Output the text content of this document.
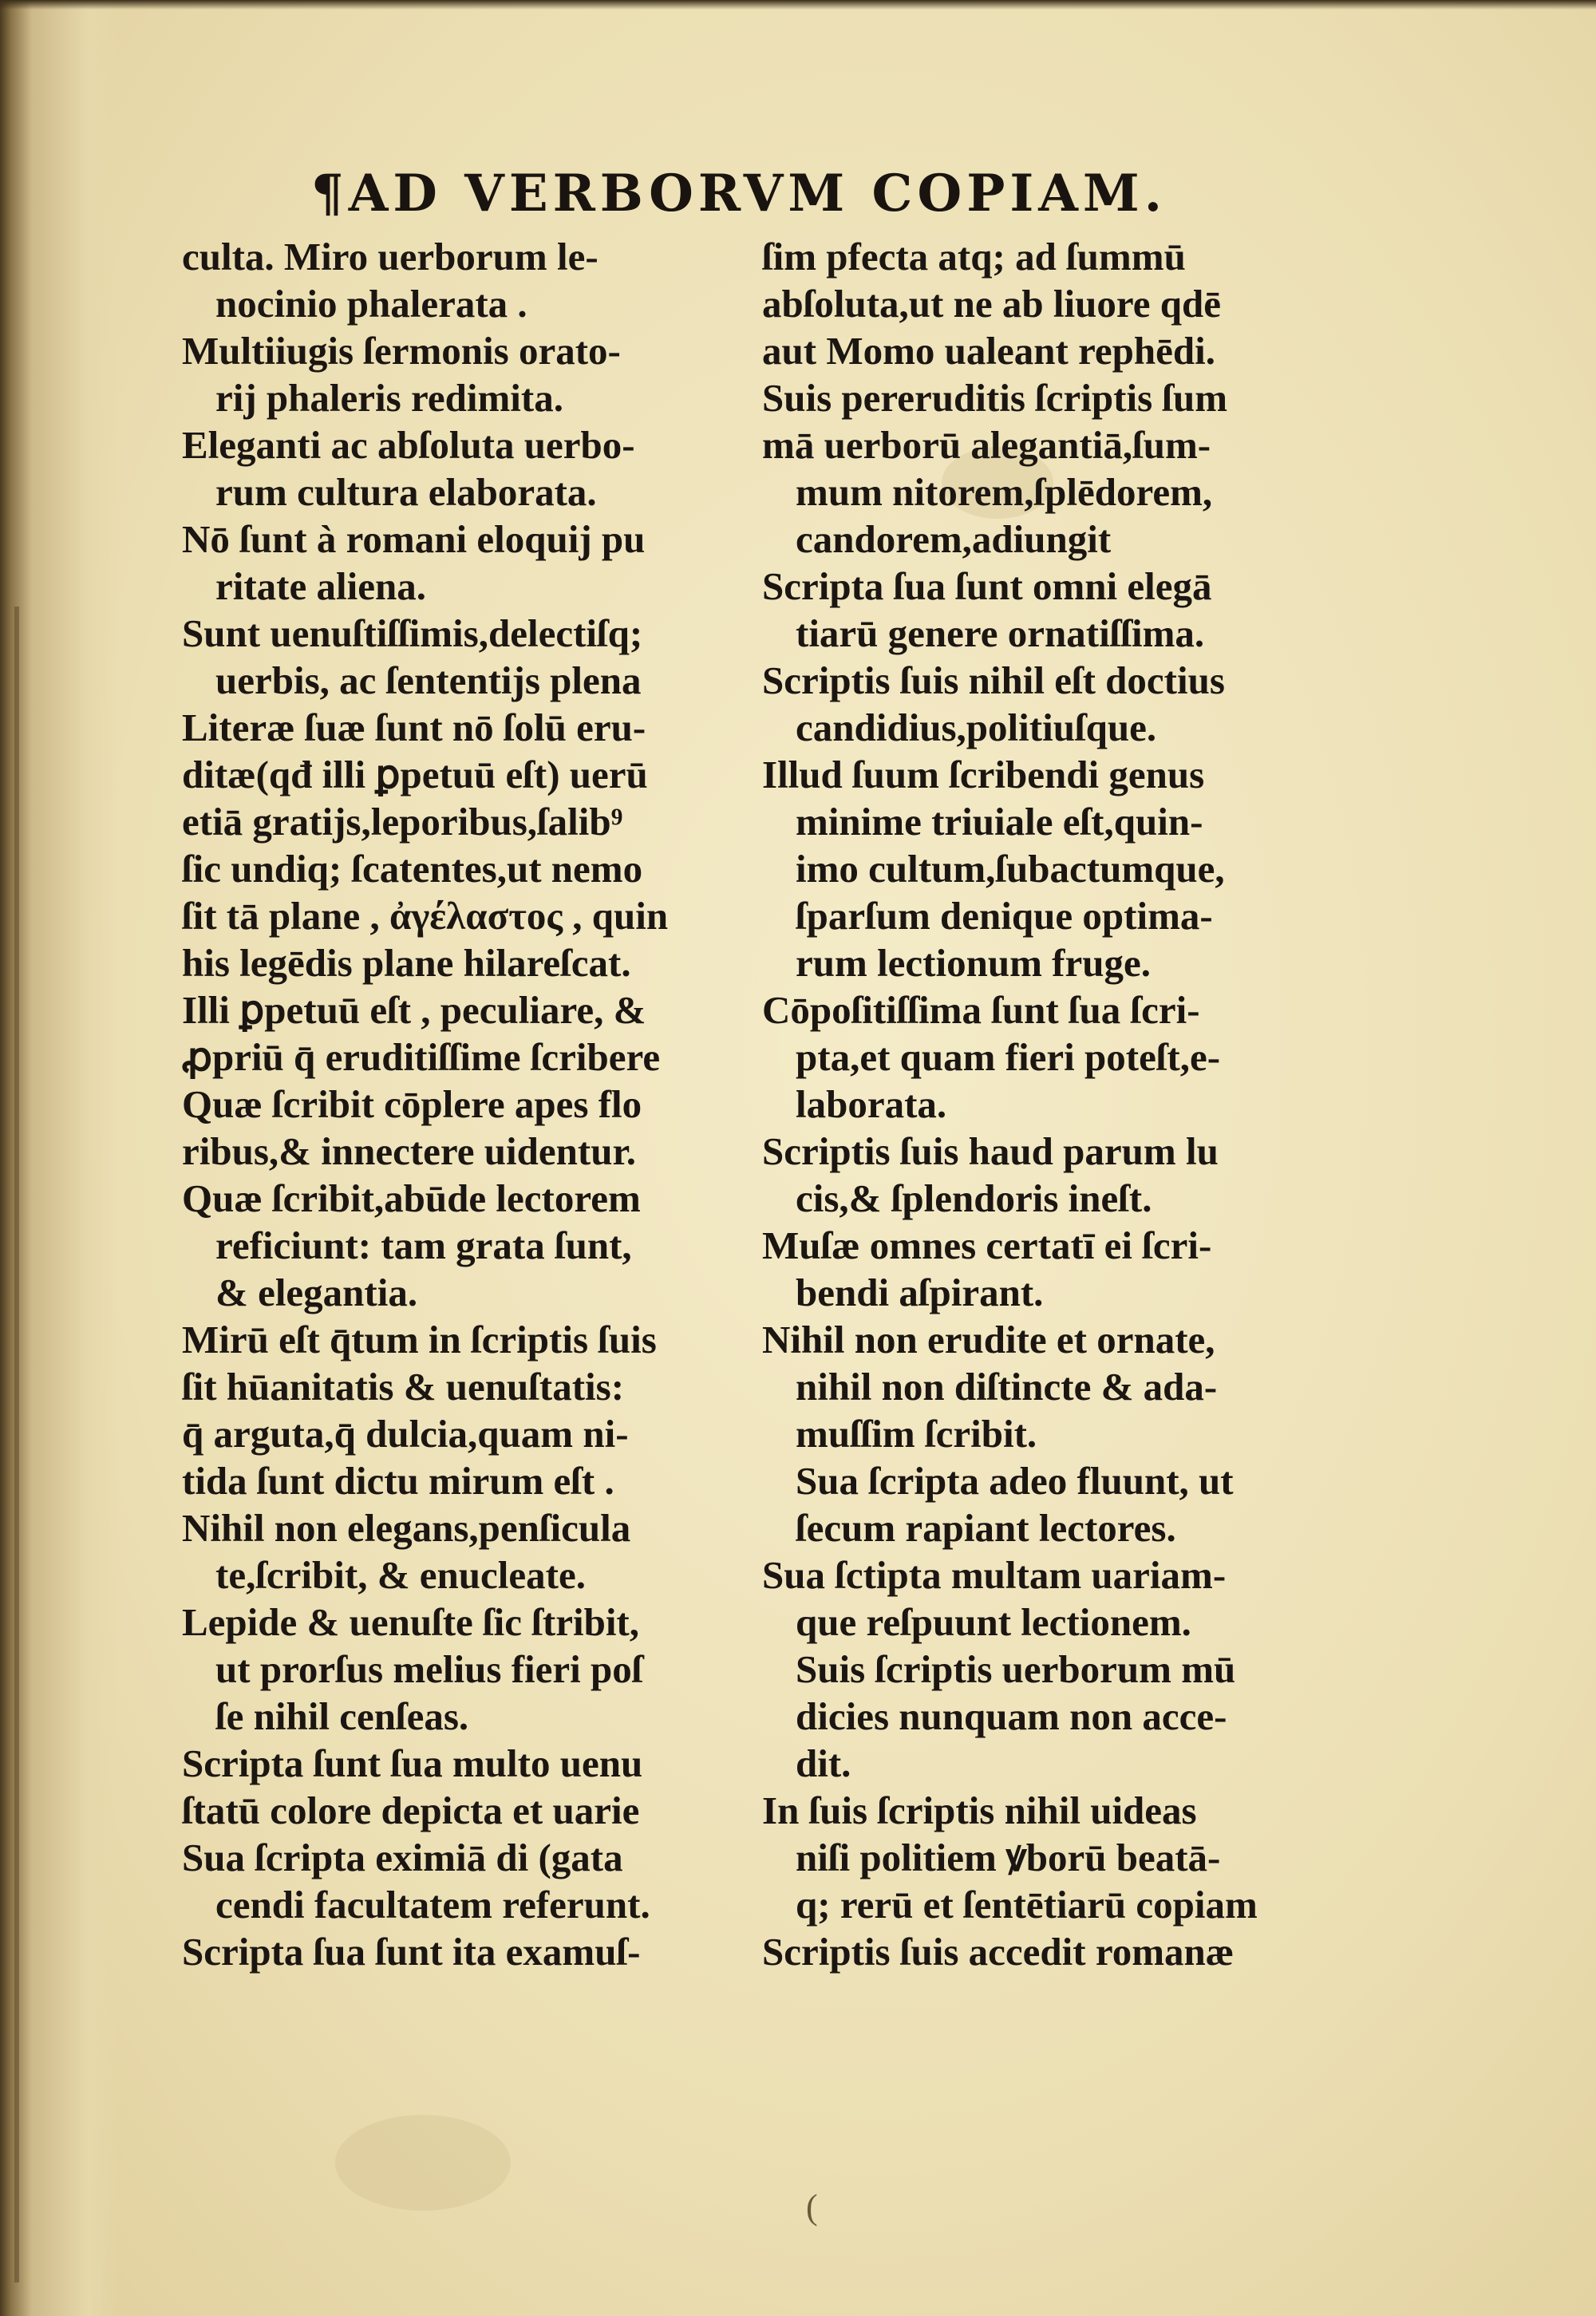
¶AD VERBORVM COPIAM.
culta. Miro uerborum le-
nocinio phalerata .
Multiiugis ſermonis orato-
rij phaleris redimita.
Eleganti ac abſoluta uerbo-
rum cultura elaborata.
Nō ſunt à romani eloquij pu
ritate aliena.
Sunt uenuſtiſſimis,delectiſq;
uerbis, ac ſententijs plena
Literæ ſuæ ſunt nō ſolū eru-
ditæ(qđ illi ꝑpetuū eſt) uerū
etiā gratijs,leporibus,ſalib⁹
ſic undiq; ſcatentes,ut nemo
ſit tā plane , ἀγέλαστος , quin
his legēdis plane hilareſcat.
Illi ꝑpetuū eſt , peculiare, &
ꝓpriū q̄ eruditiſſime ſcribere
Quæ ſcribit cōplere apes flo
ribus,& innectere uidentur.
Quæ ſcribit,abūde lectorem
reficiunt: tam grata ſunt,
& elegantia.
Mirū eſt q̄tum in ſcriptis ſuis
ſit hūanitatis & uenuſtatis:
q̄ arguta,q̄ dulcia,quam ni-
tida ſunt dictu mirum eſt .
Nihil non elegans,penſicula
te,ſcribit, & enucleate.
Lepide & uenuſte ſic ſtribit,
ut prorſus melius fieri poſ
ſe nihil cenſeas.
Scripta ſunt ſua multo uenu
ſtatū colore depicta et uarie
Sua ſcripta eximiā di (gata
cendi facultatem referunt.
Scripta ſua ſunt ita examuſ-
ſim pfecta atq; ad ſummū
abſoluta,ut ne ab liuore qdē
aut Momo ualeant rephēdi.
Suis pereruditis ſcriptis ſum
mā uerborū alegantiā,ſum-
mum nitorem,ſplēdorem,
candorem,adiungit
Scripta ſua ſunt omni elegā
tiarū genere ornatiſſima.
Scriptis ſuis nihil eſt doctius
candidius,politiuſque.
Illud ſuum ſcribendi genus
minime triuiale eſt,quin-
imo cultum,ſubactumque,
ſparſum denique optima-
rum lectionum fruge.
Cōpoſitiſſima ſunt ſua ſcri-
pta,et quam fieri poteſt,e-
laborata.
Scriptis ſuis haud parum lu
cis,& ſplendoris ineſt.
Muſæ omnes certatī ei ſcri-
bendi aſpirant.
Nihil non erudite et ornate,
nihil non diſtincte & ada-
muſſim ſcribit.
Sua ſcripta adeo fluunt, ut
ſecum rapiant lectores.
Sua ſctipta multam uariam-
que reſpuunt lectionem.
Suis ſcriptis uerborum mū
dicies nunquam non acce-
dit.
In ſuis ſcriptis nihil uideas
niſi politiem ꝟborū beatā-
q; rerū et ſentētiarū copiam
Scriptis ſuis accedit romanæ
(
